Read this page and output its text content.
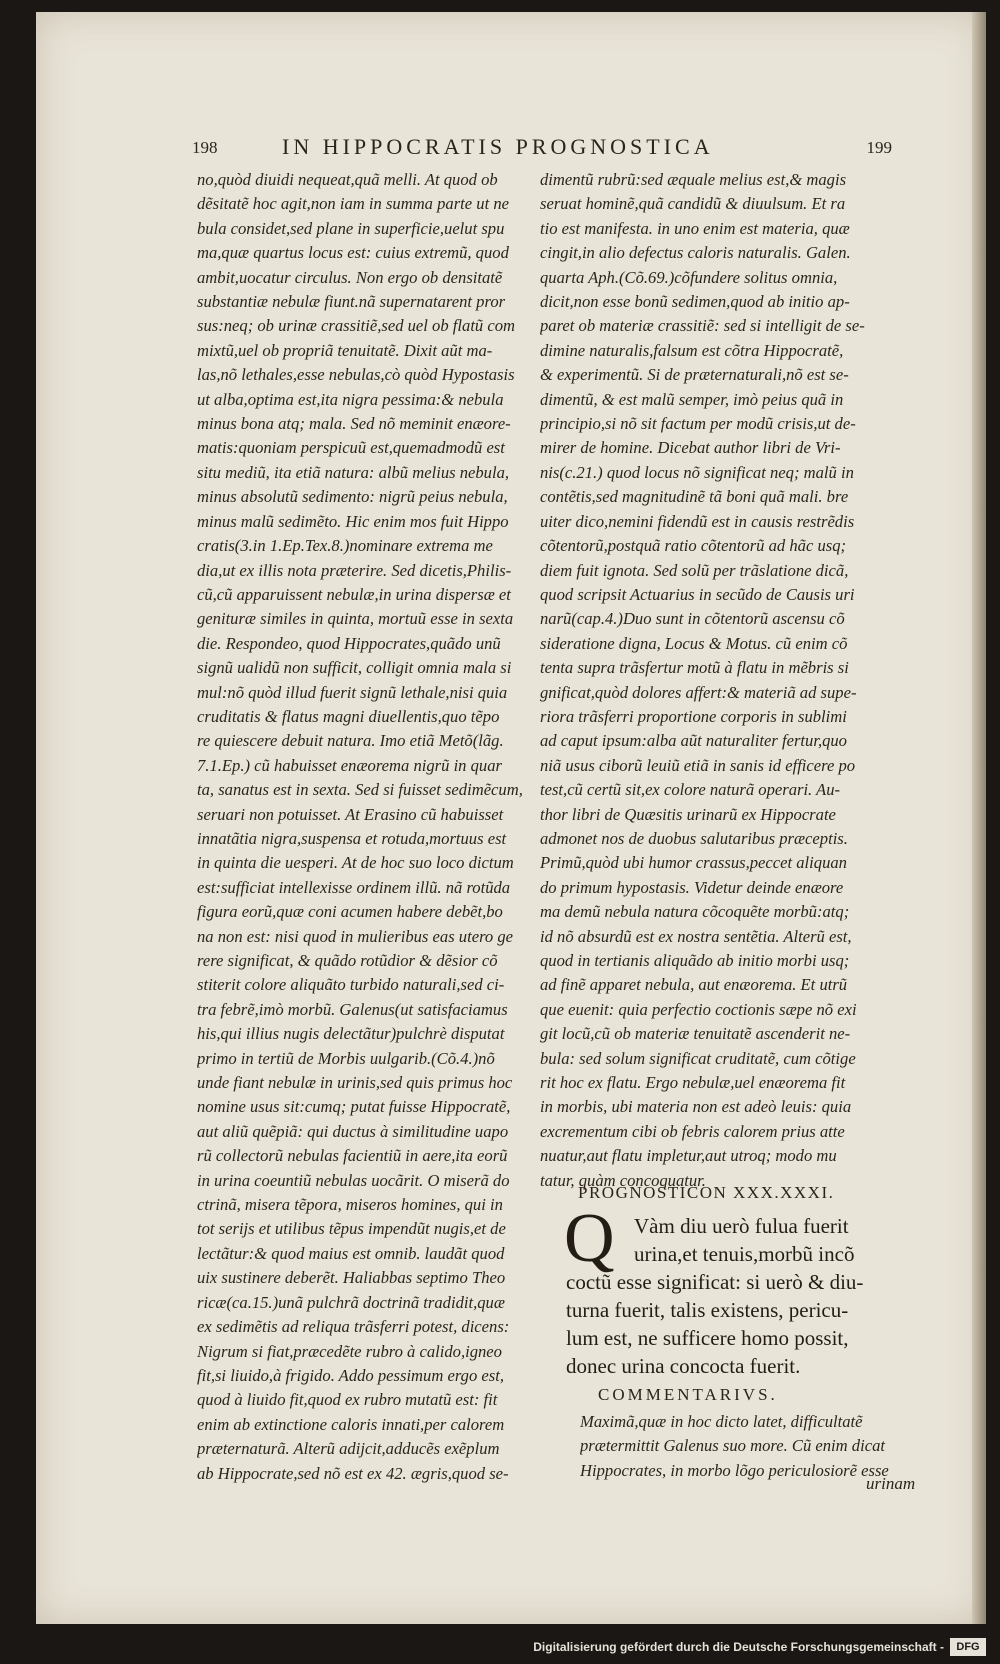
198	IN HIPPOCRATIS PROGNOSTICA	199
no,quòd diuidi nequeat,quã melli. At quod ob
dẽsitatẽ hoc agit,non iam in summa parte ut ne
bula considet,sed plane in superficie,uelut spu
ma,quæ quartus locus est: cuius extremũ, quod
ambit,uocatur circulus. Non ergo ob densitatẽ
substantiæ nebulæ fiunt.nã supernatarent pror
sus:neq; ob urinæ crassitiẽ,sed uel ob flatũ com
mixtũ,uel ob propriã tenuitatẽ. Dixit aũt ma-
las,nõ lethales,esse nebulas,cò quòd Hypostasis
ut alba,optima est,ita nigra pessima:& nebula
minus bona atq; mala. Sed nõ meminit enæore-
matis:quoniam perspicuũ est,quemadmodũ est
situ mediũ, ita etiã natura: albũ melius nebula,
minus absolutũ sedimento: nigrũ peius nebula,
minus malũ sedimẽto. Hic enim mos fuit Hippo
cratis(3.in 1.Ep.Tex.8.)nominare extrema me
dia,ut ex illis nota præterire. Sed dicetis,Philis-
cũ,cũ apparuissent nebulæ,in urina dispersæ et
genituræ similes in quinta, mortuũ esse in sexta
die. Respondeo, quod Hippocrates,quãdo unũ
signũ ualidũ non sufficit, colligit omnia mala si
mul:nõ quòd illud fuerit signũ lethale,nisi quia
cruditatis & flatus magni diuellentis,quo tẽpo
re quiescere debuit natura. Imo etiã Metõ(lãg.
7.1.Ep.) cũ habuisset enæorema nigrũ in quar
ta, sanatus est in sexta. Sed si fuisset sedimẽcum,
seruari non potuisset. At Erasino cũ habuisset
innatãtia nigra,suspensa et rotuda,mortuus est
in quinta die uesperi. At de hoc suo loco dictum
est:sufficiat intellexisse ordinem illũ. nã rotũda
figura eorũ,quæ coni acumen habere debẽt,bo
na non est: nisi quod in mulieribus eas utero ge
rere significat, & quãdo rotũdior & dẽsior cõ
stiterit colore aliquãto turbido naturali,sed ci-
tra febrẽ,imò morbũ. Galenus(ut satisfaciamus
his,qui illius nugis delectãtur)pulchrè disputat
primo in tertiũ de Morbis uulgarib.(Cõ.4.)nõ
unde fiant nebulæ in urinis,sed quis primus hoc
nomine usus sit:cumq; putat fuisse Hippocratẽ,
aut aliũ quẽpiã: qui ductus à similitudine uapo
rũ collectorũ nebulas facientiũ in aere,ita eorũ
in urina coeuntiũ nebulas uocãrit. O miserã do
ctrinã, misera tẽpora, miseros homines, qui in
tot serijs et utilibus tẽpus impendũt nugis,et de
lectãtur:& quod maius est omnib. laudãt quod
uix sustinere deberẽt. Haliabbas septimo Theo
ricæ(ca.15.)unã pulchrã doctrinã tradidit,quæ
ex sedimẽtis ad reliqua trãsferri potest, dicens:
Nigrum si fiat,præcedẽte rubro à calido,igneo
fit,si liuido,à frigido. Addo pessimum ergo est,
quod à liuido fit,quod ex rubro mutatũ est: fit
enim ab extinctione caloris innati,per calorem
præternaturã. Alterũ adijcit,adducẽs exẽplum
ab Hippocrate,sed nõ est ex 42. ægris,quod se-
dimentũ rubrũ:sed æquale melius est,& magis
seruat hominẽ,quã candidũ & diuulsum. Et ra
tio est manifesta. in uno enim est materia, quæ
cingit,in alio defectus caloris naturalis. Galen.
quarta Aph.(Cõ.69.)cõfundere solitus omnia,
dicit,non esse bonũ sedimen,quod ab initio ap-
paret ob materiæ crassitiẽ: sed si intelligit de se-
dimine naturalis,falsum est cõtra Hippocratẽ,
& experimentũ. Si de præternaturali,nõ est se-
dimentũ, & est malũ semper, imò peius quã in
principio,si nõ sit factum per modũ crisis,ut de-
mirer de homine. Dicebat author libri de Vri-
nis(c.21.) quod locus nõ significat neq; malũ in
contẽtis,sed magnitudinẽ tã boni quã mali. bre
uiter dico,nemini fidendũ est in causis restrẽdis
cõtentorũ,postquã ratio cõtentorũ ad hãc usq;
diem fuit ignota. Sed solũ per trãslatione dicã,
quod scripsit Actuarius in secũdo de Causis uri
narũ(cap.4.)Duo sunt in cõtentorũ ascensu cõ
sideratione digna, Locus & Motus. cũ enim cõ
tenta supra trãsfertur motũ à flatu in mẽbris si
gnificat,quòd dolores affert:& materiã ad supe-
riora trãsferri proportione corporis in sublimi
ad caput ipsum:alba aũt naturaliter fertur,quo
niã usus ciborũ leuiũ etiã in sanis id efficere po
test,cũ certũ sit,ex colore naturã operari. Au-
thor libri de Quæsitis urinarũ ex Hippocrate
admonet nos de duobus salutaribus præceptis.
Primũ,quòd ubi humor crassus,peccet aliquan
do primum hypostasis. Videtur deinde enæore
ma demũ nebula natura cõcoquẽte morbũ:atq;
id nõ absurdũ est ex nostra sentẽtia. Alterũ est,
quod in tertianis aliquãdo ab initio morbi usq;
ad finẽ apparet nebula, aut enæorema. Et utrũ
que euenit: quia perfectio coctionis sæpe nõ exi
git locũ,cũ ob materiæ tenuitatẽ ascenderit ne-
bula: sed solum significat cruditatẽ, cum cõtige
rit hoc ex flatu. Ergo nebulæ,uel enæorema fit
in morbis, ubi materia non est adeò leuis: quia
excrementum cibi ob febris calorem prius atte
nuatur,aut flatu impletur,aut utroq; modo mu
tatur, quàm concoquatur.
PROGNOSTICON XXX.XXXI.
Q Vàm diu uerò fulua fuerit
urina,et tenuis,morbũ incõ
coctũ esse significat: si uerò & diu-
turna fuerit, talis existens, pericu-
lum est, ne sufficere homo possit,
donec urina concocta fuerit.
COMMENTARIVS.
Maximã,quæ in hoc dicto latet, difficultatẽ
prætermittit Galenus suo more. Cũ enim dicat
Hippocrates, in morbo lõgo periculosiorẽ esse
urinam
Digitalisierung gefördert durch die Deutsche Forschungsgemeinschaft -	DFG
